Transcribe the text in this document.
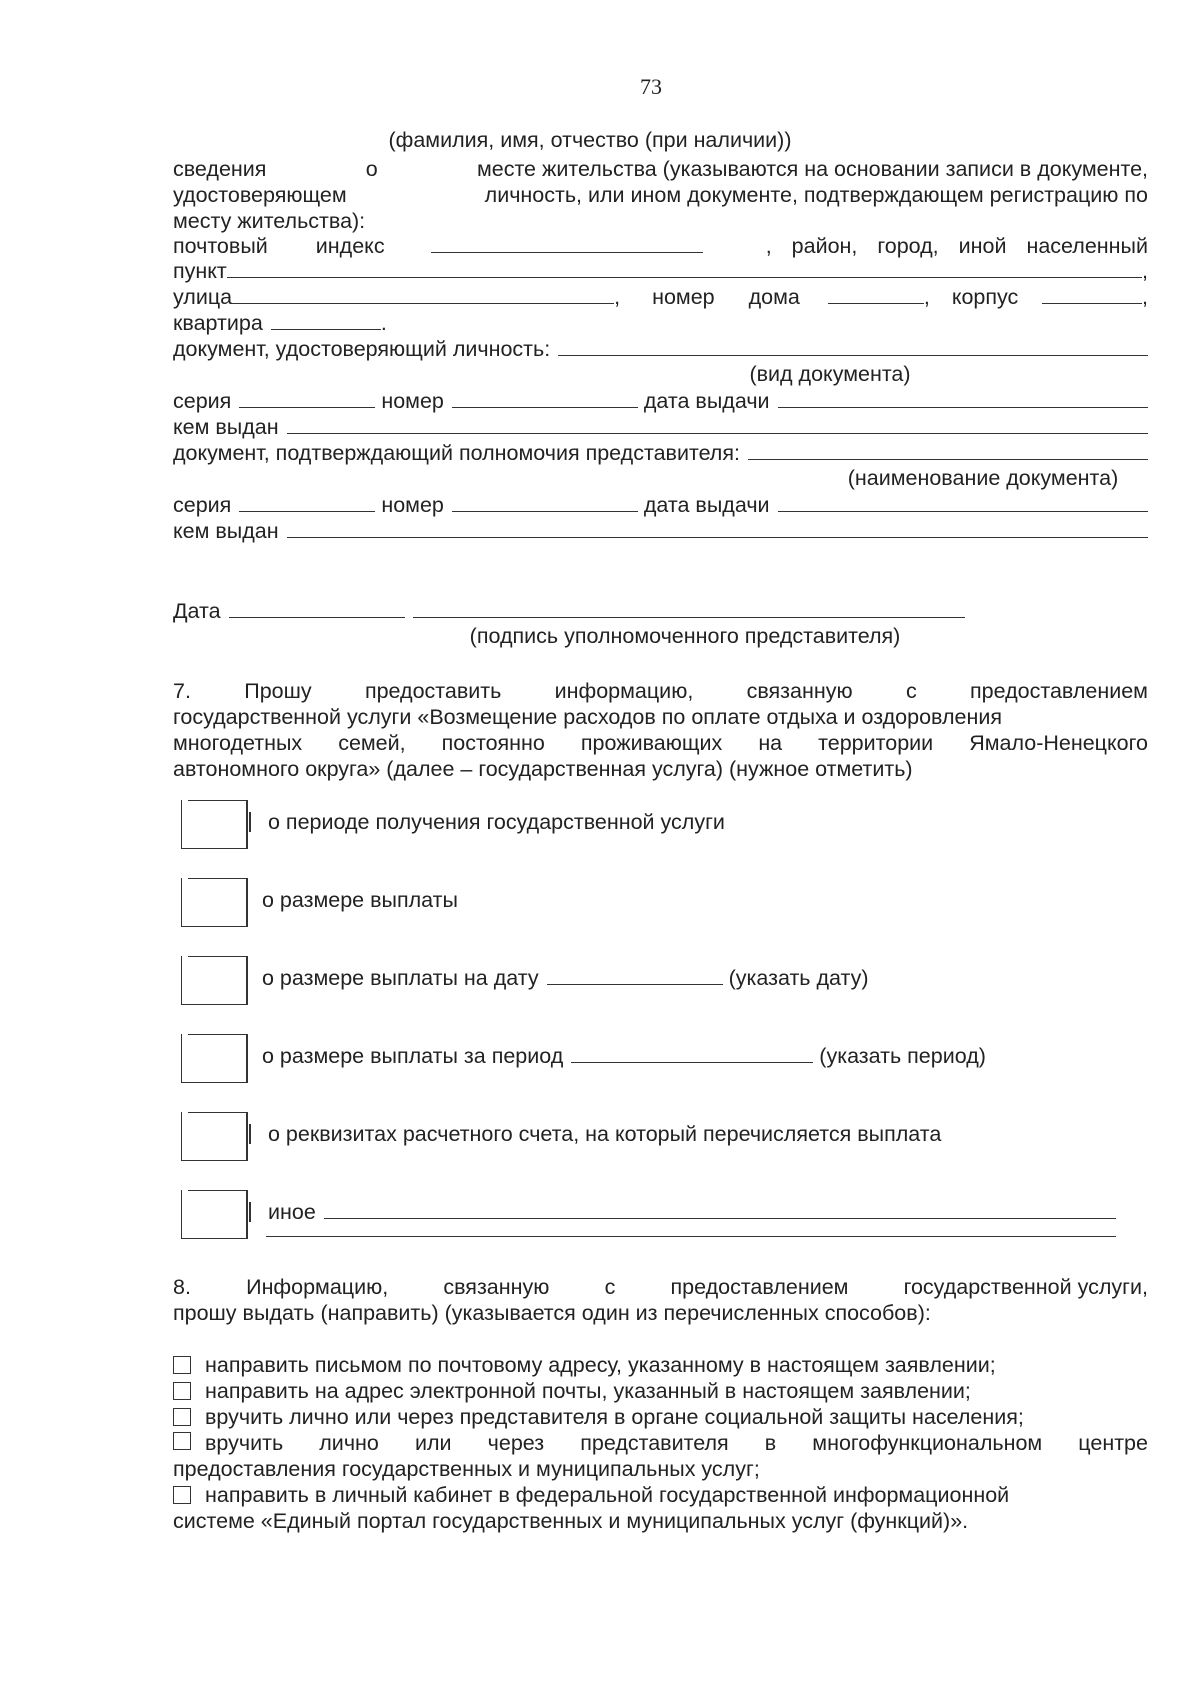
73
(фамилия, имя, отчество (при наличии))
сведения	о	месте жительства (указываются на основании записи в документе,
удостоверяющем	личность, или ином документе, подтверждающем регистрацию по
месту жительства):
почтовый индекс	, район, город, иной населенный
пункт	,
улица	, номер дома	, корпус	,
квартира	.
документ, удостоверяющий личность:
(вид документа)
серия	номер	дата выдачи
кем выдан
документ, подтверждающий полномочия представителя:
(наименование документа)
серия	номер	дата выдачи
кем выдан
Дата
(подпись уполномоченного представителя)
7. Прошу предоставить информацию, связанную с предоставлением
государственной услуги «Возмещение расходов по оплате отдыха и оздоровления
многодетных семей, постоянно проживающих на территории Ямало-Ненецкого
автономного округа» (далее – государственная услуга) (нужное отметить)
о периоде получения государственной услуги
о размере выплаты
о размере выплаты на дату	(указать дату)
о размере выплаты за период	(указать период)
о реквизитах расчетного счета, на который перечисляется выплата
иное
8.	Информацию,	связанную	с	предоставлением	государственной услуги,
прошу выдать (направить) (указывается один из перечисленных способов):
направить письмом по почтовому адресу, указанному в настоящем заявлении;
направить на адрес электронной почты, указанный в настоящем заявлении;
вручить лично или через представителя в органе социальной защиты населения;
вручить лично или через представителя в многофункциональном центре
предоставления государственных и муниципальных услуг;
направить в личный кабинет в федеральной государственной информационной
системе «Единый портал государственных и муниципальных услуг (функций)».
